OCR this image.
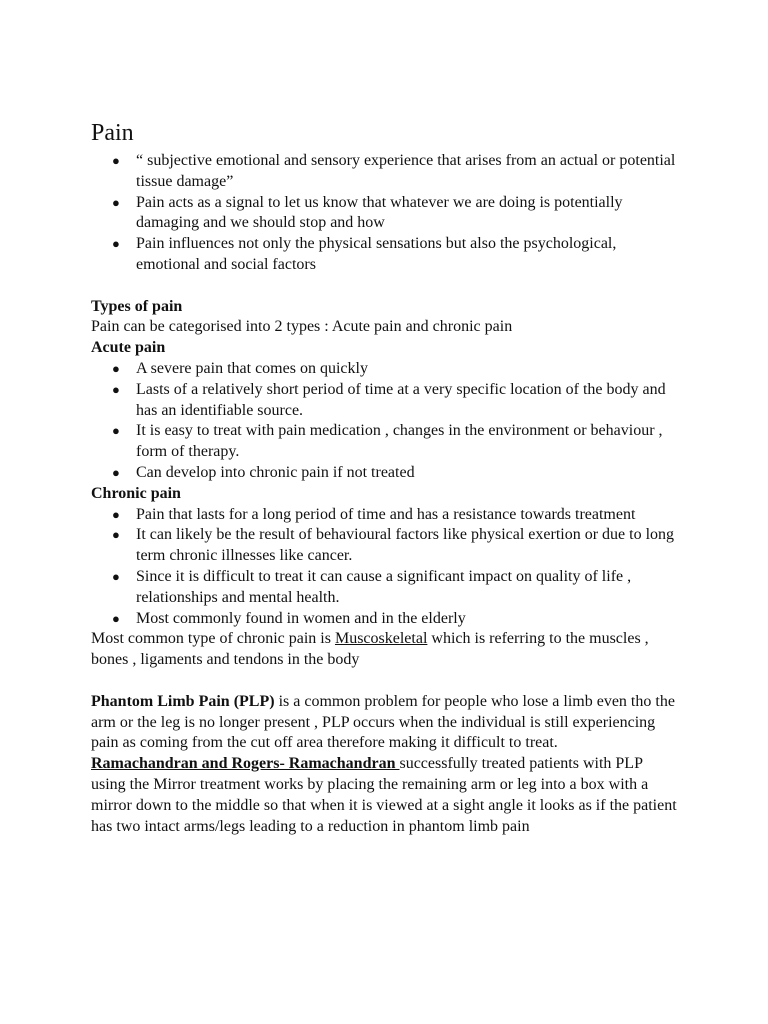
Pain
● “ subjective emotional and sensory experience that arises from an actual or potential tissue damage”
● Pain acts as a signal to let us know that whatever we are doing is potentially damaging and we should stop and how
● Pain influences not only the physical sensations but also the psychological, emotional and social factors

Types of pain

Pain can be categorised into 2 types : Acute pain and chronic pain

Acute pain

● A severe pain that comes on quickly
● Lasts of a relatively short period of time at a very specific location of the body and has an identifiable source.
● It is easy to treat with pain medication , changes in the environment or behaviour , form of therapy.
● Can develop into chronic pain if not treated

Chronic pain

● Pain that lasts for a long period of time and has a resistance towards treatment
● It can likely be the result of behavioural factors like physical exertion or due to long term chronic illnesses like cancer.
● Since it is difficult to treat it can cause a significant impact on quality of life , relationships and mental health.
● Most commonly found in women and in the elderly

Most common type of chronic pain is Muscoskeletal which is referring to the muscles , bones , ligaments and tendons in the body

Phantom Limb Pain (PLP) is a common problem for people who lose a limb even tho the arm or the leg is no longer present , PLP occurs when the individual is still experiencing pain as coming from the cut off area therefore making it difficult to treat.

Ramachandran and Rogers- Ramachandran successfully treated patients with PLP using the Mirror treatment works by placing the remaining arm or leg into a box with a mirror down to the middle so that when it is viewed at a sight angle it looks as if the patient has two intact arms/legs leading to a reduction in phantom limb pain
